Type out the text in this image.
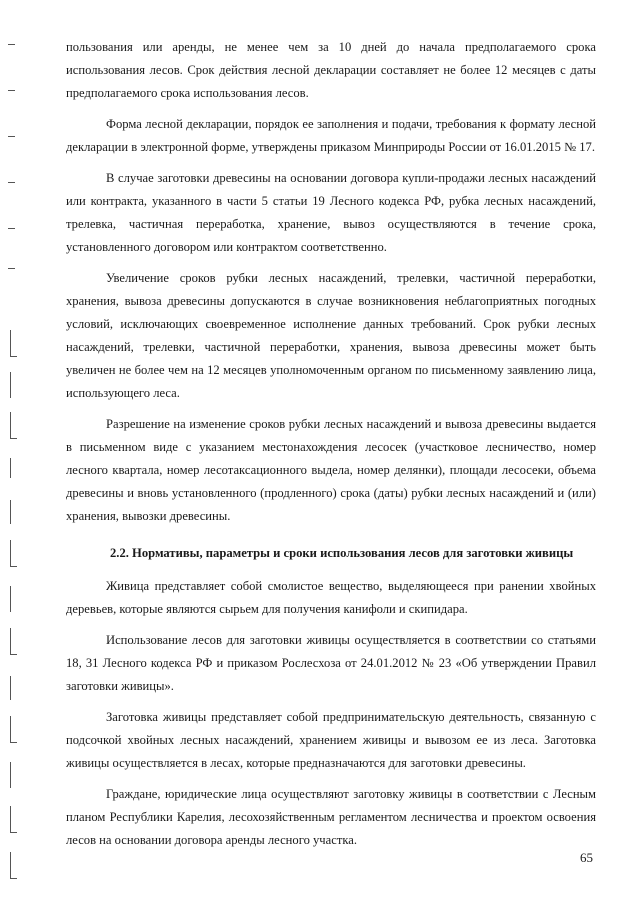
пользования или аренды, не менее чем за 10 дней до начала предполагаемого срока использования лесов. Срок действия лесной декларации составляет не более 12 месяцев с даты предполагаемого срока использования лесов.

Форма лесной декларации, порядок ее заполнения и подачи, требования к формату лесной декларации в электронной форме, утверждены приказом Минприроды России от 16.01.2015 № 17.

В случае заготовки древесины на основании договора купли-продажи лесных насаждений или контракта, указанного в части 5 статьи 19 Лесного кодекса РФ, рубка лесных насаждений, трелевка, частичная переработка, хранение, вывоз осуществляются в течение срока, установленного договором или контрактом соответственно.

Увеличение сроков рубки лесных насаждений, трелевки, частичной переработки, хранения, вывоза древесины допускаются в случае возникновения неблагоприятных погодных условий, исключающих своевременное исполнение данных требований. Срок рубки лесных насаждений, трелевки, частичной переработки, хранения, вывоза древесины может быть увеличен не более чем на 12 месяцев уполномоченным органом по письменному заявлению лица, использующего леса.

Разрешение на изменение сроков рубки лесных насаждений и вывоза древесины выдается в письменном виде с указанием местонахождения лесосек (участковое лесничество, номер лесного квартала, номер лесотаксационного выдела, номер делянки), площади лесосеки, объема древесины и вновь установленного (продленного) срока (даты) рубки лесных насаждений и (или) хранения, вывозки древесины.

2.2. Нормативы, параметры и сроки использования лесов для заготовки живицы

Живица представляет собой смолистое вещество, выделяющееся при ранении хвойных деревьев, которые являются сырьем для получения канифоли и скипидара.

Использование лесов для заготовки живицы осуществляется в соответствии со статьями 18, 31 Лесного кодекса РФ и приказом Рослесхоза от 24.01.2012 № 23 «Об утверждении Правил заготовки живицы».

Заготовка живицы представляет собой предпринимательскую деятельность, связанную с подсочкой хвойных лесных насаждений, хранением живицы и вывозом ее из леса. Заготовка живицы осуществляется в лесах, которые предназначаются для заготовки древесины.

Граждане, юридические лица осуществляют заготовку живицы в соответствии с Лесным планом Республики Карелия, лесохозяйственным регламентом лесничества и проектом освоения лесов на основании договора аренды лесного участка.

65
